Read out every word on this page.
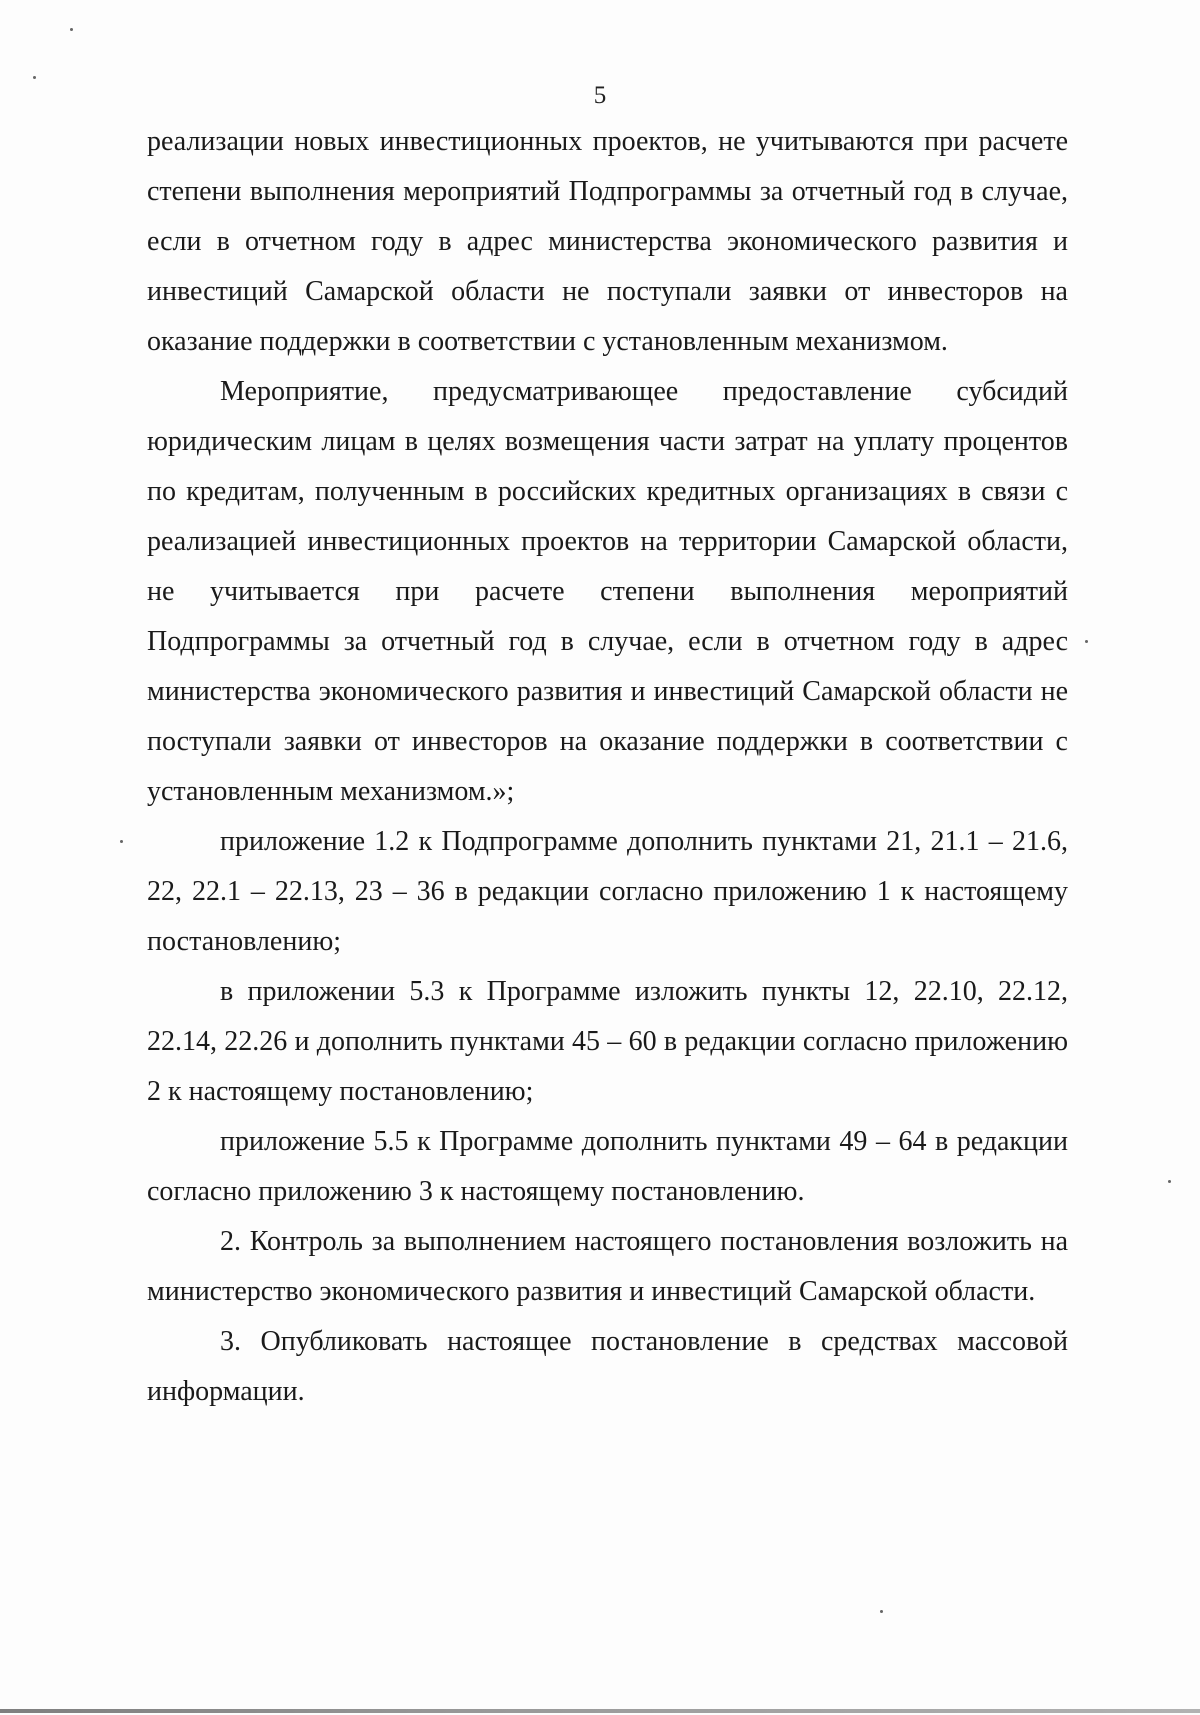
5

реализации новых инвестиционных проектов, не учитываются при расчете степени выполнения мероприятий Подпрограммы за отчетный год в случае, если в отчетном году в адрес министерства экономического развития и инвестиций Самарской области не поступали заявки от инвесторов на оказание поддержки в соответствии с установленным механизмом.

Мероприятие, предусматривающее предоставление субсидий юридическим лицам в целях возмещения части затрат на уплату процентов по кредитам, полученным в российских кредитных организациях в связи с реализацией инвестиционных проектов на территории Самарской области, не учитывается при расчете степени выполнения мероприятий Подпрограммы за отчетный год в случае, если в отчетном году в адрес министерства экономического развития и инвестиций Самарской области не поступали заявки от инвесторов на оказание поддержки в соответствии с установленным механизмом.»;

приложение 1.2 к Подпрограмме дополнить пунктами 21, 21.1 – 21.6, 22, 22.1 – 22.13, 23 – 36 в редакции согласно приложению 1 к настоящему постановлению;

в приложении 5.3 к Программе изложить пункты 12, 22.10, 22.12, 22.14, 22.26 и дополнить пунктами 45 – 60 в редакции согласно приложению 2 к настоящему постановлению;

приложение 5.5 к Программе дополнить пунктами 49 – 64 в редакции согласно приложению 3 к настоящему постановлению.

2. Контроль за выполнением настоящего постановления возложить на министерство экономического развития и инвестиций Самарской области.

3. Опубликовать настоящее постановление в средствах массовой информации.
